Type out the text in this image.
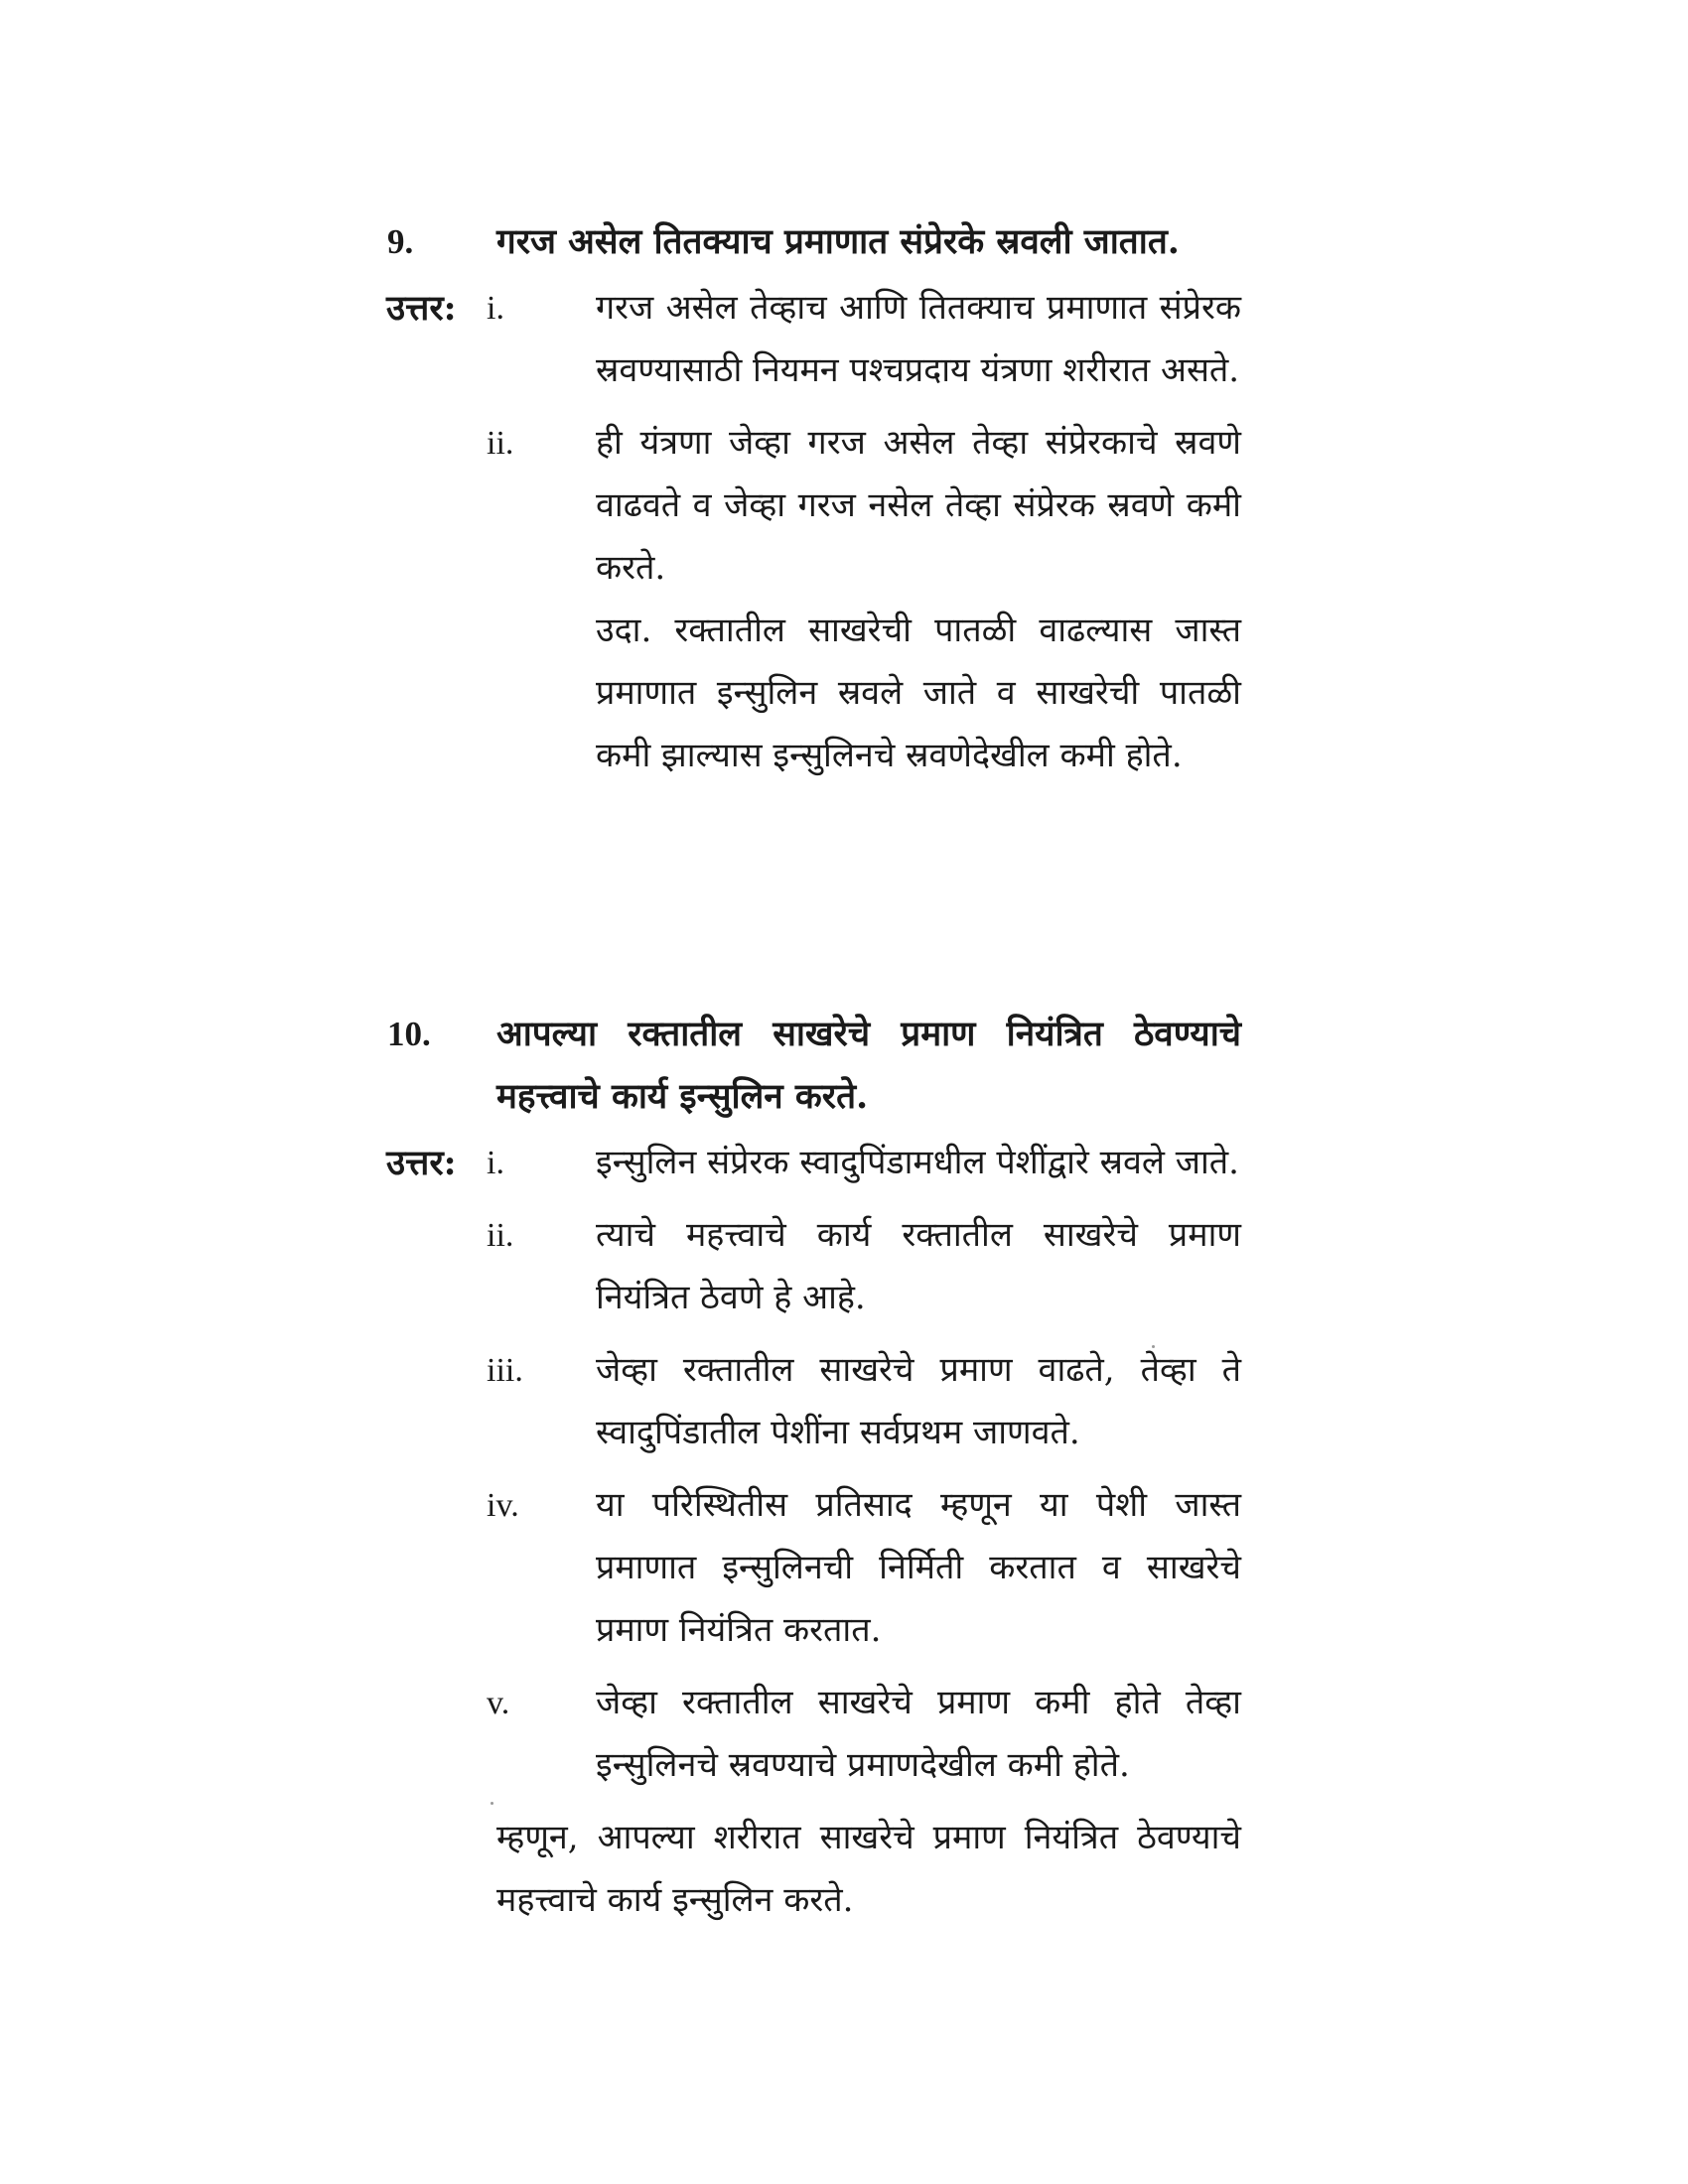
9. गरज असेल तितक्याच प्रमाणात संप्रेरके स्रवली जातात.
उत्तर: i.	गरज असेल तेव्हाच आणि तितक्याच प्रमाणात संप्रेरक स्रवण्यासाठी नियमन पश्चप्रदाय यंत्रणा शरीरात असते.
ii. ही यंत्रणा जेव्हा गरज असेल तेव्हा संप्रेरकाचे स्रवणे वाढवते व जेव्हा गरज नसेल तेव्हा संप्रेरक स्रवणे कमी करते.
उदा. रक्तातील साखरेची पातळी वाढल्यास जास्त प्रमाणात इन्सुलिन स्रवले जाते व साखरेची पातळी कमी झाल्यास इन्सुलिनचे स्रवणेदेखील कमी होते.
10. आपल्या रक्तातील साखरेचे प्रमाण नियंत्रित ठेवण्याचे महत्त्वाचे कार्य इन्सुलिन करते.
उत्तर: i.	इन्सुलिन संप्रेरक स्वादुपिंडामधील पेशींद्वारे स्रवले जाते.
ii. त्याचे महत्त्वाचे कार्य रक्तातील साखरेचे प्रमाण नियंत्रित ठेवणे हे आहे.
iii. जेव्हा रक्तातील साखरेचे प्रमाण वाढते, तेव्हा ते स्वादुपिंडातील पेशींना सर्वप्रथम जाणवते.
iv. या परिस्थितीस प्रतिसाद म्हणून या पेशी जास्त प्रमाणात इन्सुलिनची निर्मिती करतात व साखरेचे प्रमाण नियंत्रित करतात.
v.	जेव्हा रक्तातील साखरेचे प्रमाण कमी होते तेव्हा इन्सुलिनचे स्रवण्याचे प्रमाणदेखील कमी होते.
म्हणून, आपल्या शरीरात साखरेचे प्रमाण नियंत्रित ठेवण्याचे महत्त्वाचे कार्य इन्सुलिन करते.
